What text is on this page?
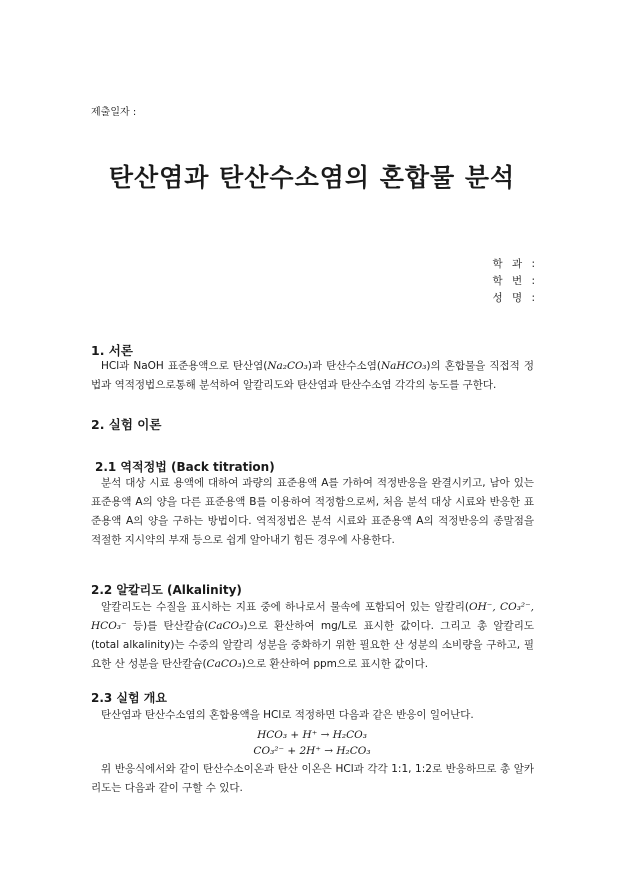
제출일자 :
탄산염과 탄산수소염의 혼합물 분석
학 과 :
학 번 :
성 명 :
1. 서론
HCl과 NaOH 표준용액으로 탄산염(Na₂CO₃)과 탄산수소염(NaHCO₃)의 혼합물을 직접적 정법과 역적정법으로통해 분석하여 알칼리도와 탄산염과 탄산수소염 각각의 농도를 구한다.
2. 실험 이론
2.1 역적정법 (Back titration)
분석 대상 시료 용액에 대하여 과량의 표준용액 A를 가하여 적정반응을 완결시키고, 남아 있는 표준용액 A의 양을 다른 표준용액 B를 이용하여 적정함으로써, 처음 분석 대상 시료와 반응한 표준용액 A의 양을 구하는 방법이다. 역적정법은 분석 시료와 표준용액 A의 적정반응의 종말점을 적절한 지시약의 부재 등으로 쉽게 알아내기 힘든 경우에 사용한다.
2.2 알칼리도 (Alkalinity)
알칼리도는 수질을 표시하는 지표 중에 하나로서 물속에 포함되어 있는 알칼리(OH⁻, CO₃²⁻, HCO₃⁻ 등)를 탄산칼슘(CaCO₃)으로 환산하여 mg/L로 표시한 값이다. 그리고 총 알칼리도(total alkalinity)는 수중의 알칼리 성분을 중화하기 위한 필요한 산 성분의 소비량을 구하고, 필요한 산 성분을 탄산칼슘(CaCO₃)으로 환산하여 ppm으로 표시한 값이다.
2.3 실험 개요
탄산염과 탄산수소염의 혼합용액을 HCl로 적정하면 다음과 같은 반응이 일어난다.
HCO₃ + H⁺ → H₂CO₃
CO₃²⁻ + 2H⁺ → H₂CO₃
위 반응식에서와 같이 탄산수소이온과 탄산 이온은 HCl과 각각 1:1, 1:2로 반응하므로 총 알카리도는 다음과 같이 구할 수 있다.
